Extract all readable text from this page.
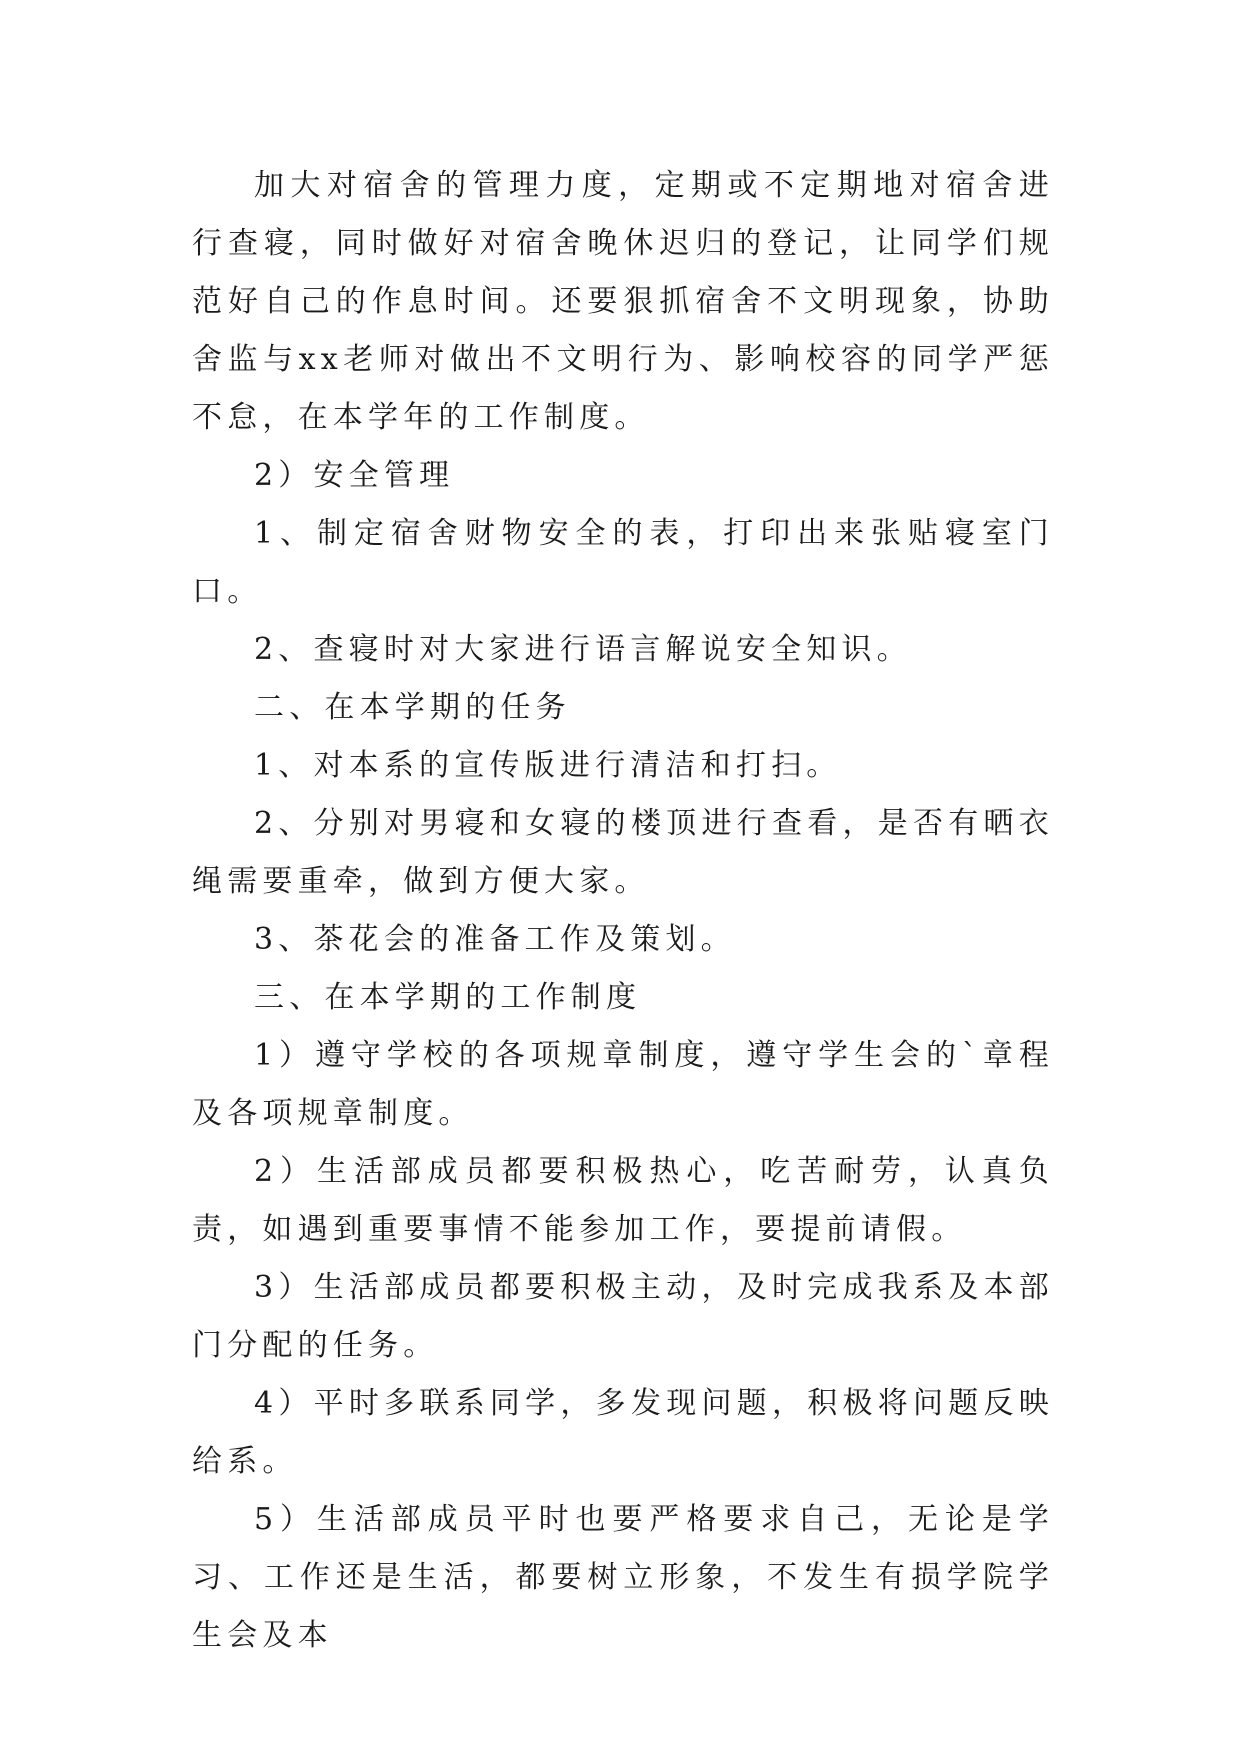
加大对宿舍的管理力度，定期或不定期地对宿舍进行查寝，同时做好对宿舍晚休迟归的登记，让同学们规范好自己的作息时间。还要狠抓宿舍不文明现象，协助舍监与xx老师对做出不文明行为、影响校容的同学严惩不怠，在本学年的工作制度。

2）安全管理

1、制定宿舍财物安全的表，打印出来张贴寝室门口。

2、查寝时对大家进行语言解说安全知识。

二、在本学期的任务

1、对本系的宣传版进行清洁和打扫。

2、分别对男寝和女寝的楼顶进行查看，是否有晒衣绳需要重牵，做到方便大家。

3、茶花会的准备工作及策划。

三、在本学期的工作制度

1）遵守学校的各项规章制度，遵守学生会的`章程及各项规章制度。

2）生活部成员都要积极热心，吃苦耐劳，认真负责，如遇到重要事情不能参加工作，要提前请假。

3）生活部成员都要积极主动，及时完成我系及本部门分配的任务。

4）平时多联系同学，多发现问题，积极将问题反映给系。

5）生活部成员平时也要严格要求自己，无论是学习、工作还是生活，都要树立形象，不发生有损学院学生会及本
